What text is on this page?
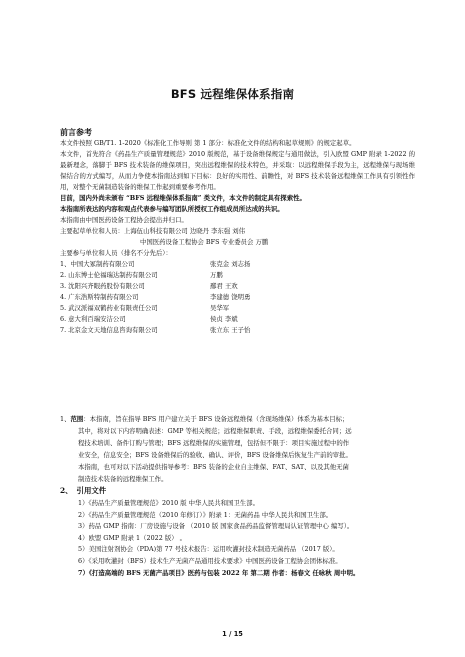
BFS 远程维保体系指南
前言参考
本文件按照 GB/T1. 1-2020《标准化工作导则 第 1 部分：标准化文件的结构和起草规则》的规定起草。
本文件，首先符合《药品生产质量管理规范》2010 版规范，基于设备维保规定与通用做法，引入欧盟 GMP 附录 1-2022 的最新理念，落脚于 BFS 技术装备的维保项目，突出远程维保的技术特色，并采取：以远程维保手段为主，远程维保与现场维保结合的方式编写，从而力争使本指南达到如下目标：良好的实用性、前瞻性，对 BFS 技术装备远程维保工作具有引领性作用，对整个无菌制造装备的维保工作起到重要参考作用。
目前，国内外尚未颁布 “BFS 远程维保体系指南” 类文件，本文件的制定具有探索性。
本指南所表达的内容和观点代表参与编写团队所授权工作组成员所达成的共识。
本指南由中国医药设备工程协会提出并归口。
主要起草单位和人员：上海伍山科技有限公司 边晓丹 李东强 刘伟
中国医药设备工程协会 BFS 专业委员会 万鹏
主要参与单位和人员（排名不分先后）：
1、中国大冢制药有限公司	张克金 刘志扬
2. 山东博士伦福瑞达制药有限公司	万鹏
3. 沈阳兴齐眼药股份有限公司	鄢君 王欢
4. 广东浩斯特制药有限公司	李建德 饶明勇
5. 武汉派福双鹤药业有限责任公司	吴华军
6. 意大利百瑞安洁公司	侯贞 李斌
7. 北京金文天地信息咨询有限公司	张立东 王子怡
1、范围：本指南，旨在指导 BFS 用户建立关于 BFS 设备远程维保（含现场维保）体系为基本目标；
其中，将对以下内容明确表述：GMP 等相关规范；远程维保职责、手段，远程维保委托合同；远
程技术培训、备件订购与管理；BFS 远程维保的实施管理，包括但不限于：项目实施过程中的作
业安全，信息安全；BFS 设备维保后的验收、确认、评价，BFS 设备维保后恢复生产前的审批。
本指南，也可对以下活动提供指导参考：BFS 装备的企业自主维保、FAT、SAT、以及其他无菌
制造技术装备的远程维保工作。
2、 引用文件
1）《药品生产质量管理规范》2010 版 中华人民共和国卫生部。
2）《药品生产质量管理规范（2010 年修订）》附录 1：无菌药品 中华人民共和国卫生部。
3）药品 GMP 指南：厂房设施与设备 （2010 版 国家食品药品监督管理局认证管理中心 编写）。
4）欧盟 GMP 附录 1（2022 版） 。
5）美国注射剂协会（PDA)第 77 号技术报告：运用吹灌封技术制造无菌药品 （2017 版）。
6）《采用吹灌封（BFS）技术生产无菌产品通用技术要求》中国医药设备工程协会团体标准。
7）《打造高端的 BFS 无菌产品项目》医药与包装 2022 年 第二期 作者：杨春文 任咏秋 周中明。
1 / 15
